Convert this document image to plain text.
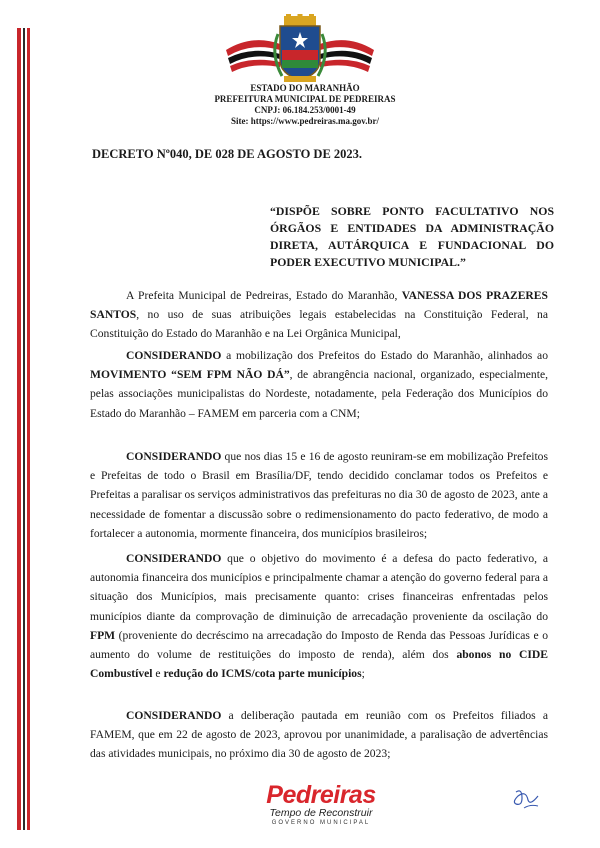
ESTADO DO MARANHÃO
PREFEITURA MUNICIPAL DE PEDREIRAS
CNPJ: 06.184.253/0001-49
Site: https://www.pedreiras.ma.gov.br/
DECRETO Nº040, DE 028 DE AGOSTO DE 2023.
“DISPÕE SOBRE PONTO FACULTATIVO NOS ÓRGÃOS E ENTIDADES DA ADMINISTRAÇÃO DIRETA, AUTÁRQUICA E FUNDACIONAL DO PODER EXECUTIVO MUNICIPAL.”

A Prefeita Municipal de Pedreiras, Estado do Maranhão, VANESSA DOS PRAZERES SANTOS, no uso de suas atribuições legais estabelecidas na Constituição Federal, na Constituição do Estado do Maranhão e na Lei Orgânica Municipal,

CONSIDERANDO a mobilização dos Prefeitos do Estado do Maranhão, alinhados ao MOVIMENTO “SEM FPM NÃO DÁ”, de abrangência nacional, organizado, especialmente, pelas associações municipalistas do Nordeste, notadamente, pela Federação dos Municípios do Estado do Maranhão – FAMEM em parceria com a CNM;

CONSIDERANDO que nos dias 15 e 16 de agosto reuniram-se em mobilização Prefeitos e Prefeitas de todo o Brasil em Brasília/DF, tendo decidido conclamar todos os Prefeitos e Prefeitas a paralisar os serviços administrativos das prefeituras no dia 30 de agosto de 2023, ante a necessidade de fomentar a discussão sobre o redimensionamento do pacto federativo, de modo a fortalecer a autonomia, mormente financeira, dos municípios brasileiros;

CONSIDERANDO que o objetivo do movimento é a defesa do pacto federativo, a autonomia financeira dos municípios e principalmente chamar a atenção do governo federal para a situação dos Municípios, mais precisamente quanto: crises financeiras enfrentadas pelos municípios diante da comprovação de diminuição de arrecadação proveniente da oscilação do FPM (proveniente do decréscimo na arrecadação do Imposto de Renda das Pessoas Jurídicas e o aumento do volume de restituições do imposto de renda), além dos abonos no CIDE Combustível e redução do ICMS/cota parte municípios;

CONSIDERANDO a deliberação pautada em reunião com os Prefeitos filiados a FAMEM, que em 22 de agosto de 2023, aprovou por unanimidade, a paralisação de advertências das atividades municipais, no próximo dia 30 de agosto de 2023;

Pedreiras
Tempo de Reconstruir
GOVERNO MUNICIPAL
